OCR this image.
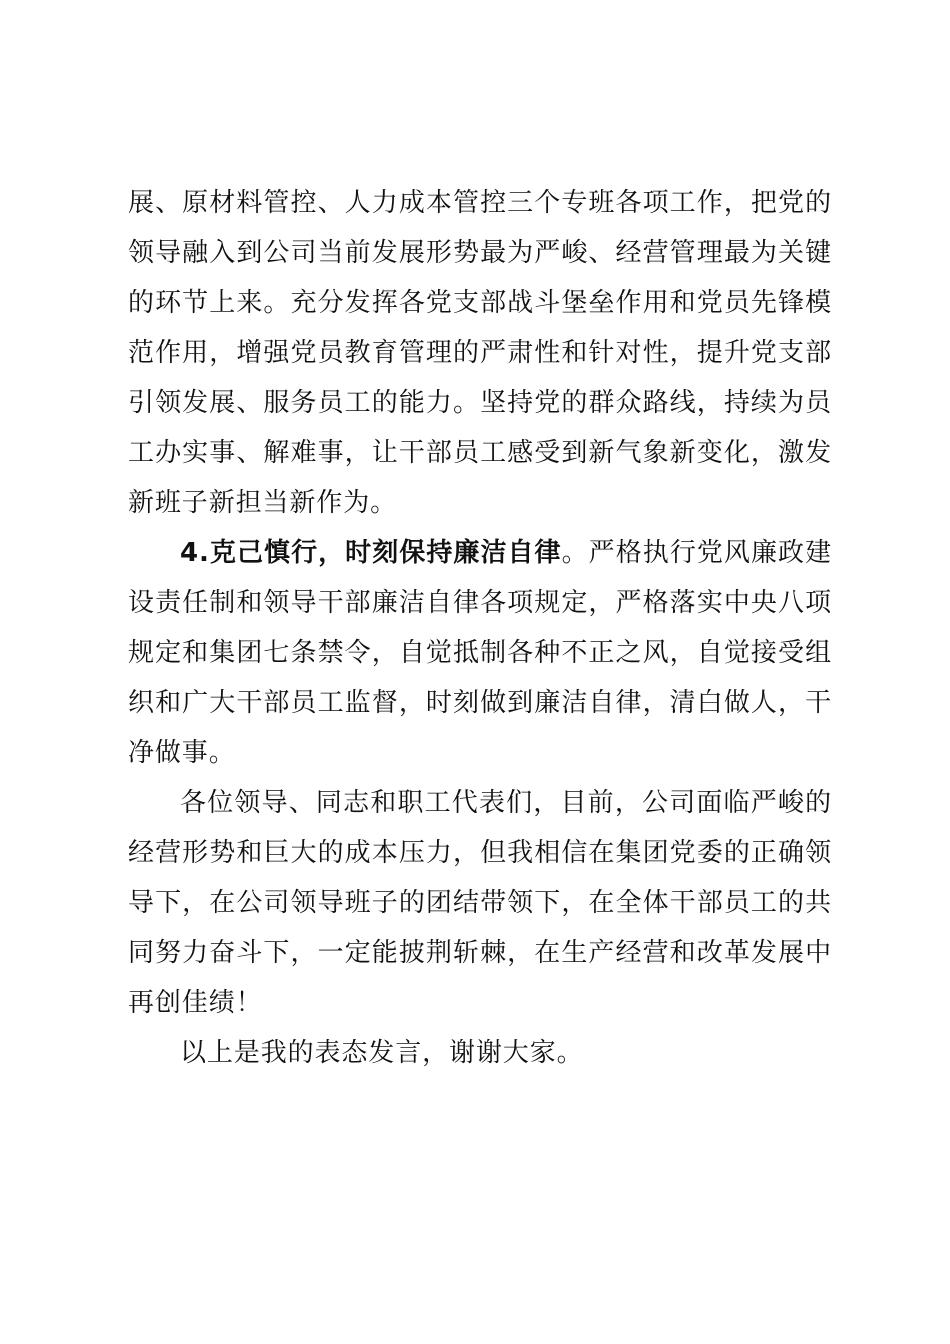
展、原材料管控、人力成本管控三个专班各项工作，把党的领导融入到公司当前发展形势最为严峻、经营管理最为关键的环节上来。充分发挥各党支部战斗堡垒作用和党员先锋模范作用，增强党员教育管理的严肃性和针对性，提升党支部引领发展、服务员工的能力。坚持党的群众路线，持续为员工办实事、解难事，让干部员工感受到新气象新变化，激发新班子新担当新作为。

4.克己慎行，时刻保持廉洁自律。严格执行党风廉政建设责任制和领导干部廉洁自律各项规定，严格落实中央八项规定和集团七条禁令，自觉抵制各种不正之风，自觉接受组织和广大干部员工监督，时刻做到廉洁自律，清白做人，干净做事。

各位领导、同志和职工代表们，目前，公司面临严峻的经营形势和巨大的成本压力，但我相信在集团党委的正确领导下，在公司领导班子的团结带领下，在全体干部员工的共同努力奋斗下，一定能披荆斩棘，在生产经营和改革发展中再创佳绩！

以上是我的表态发言，谢谢大家。
